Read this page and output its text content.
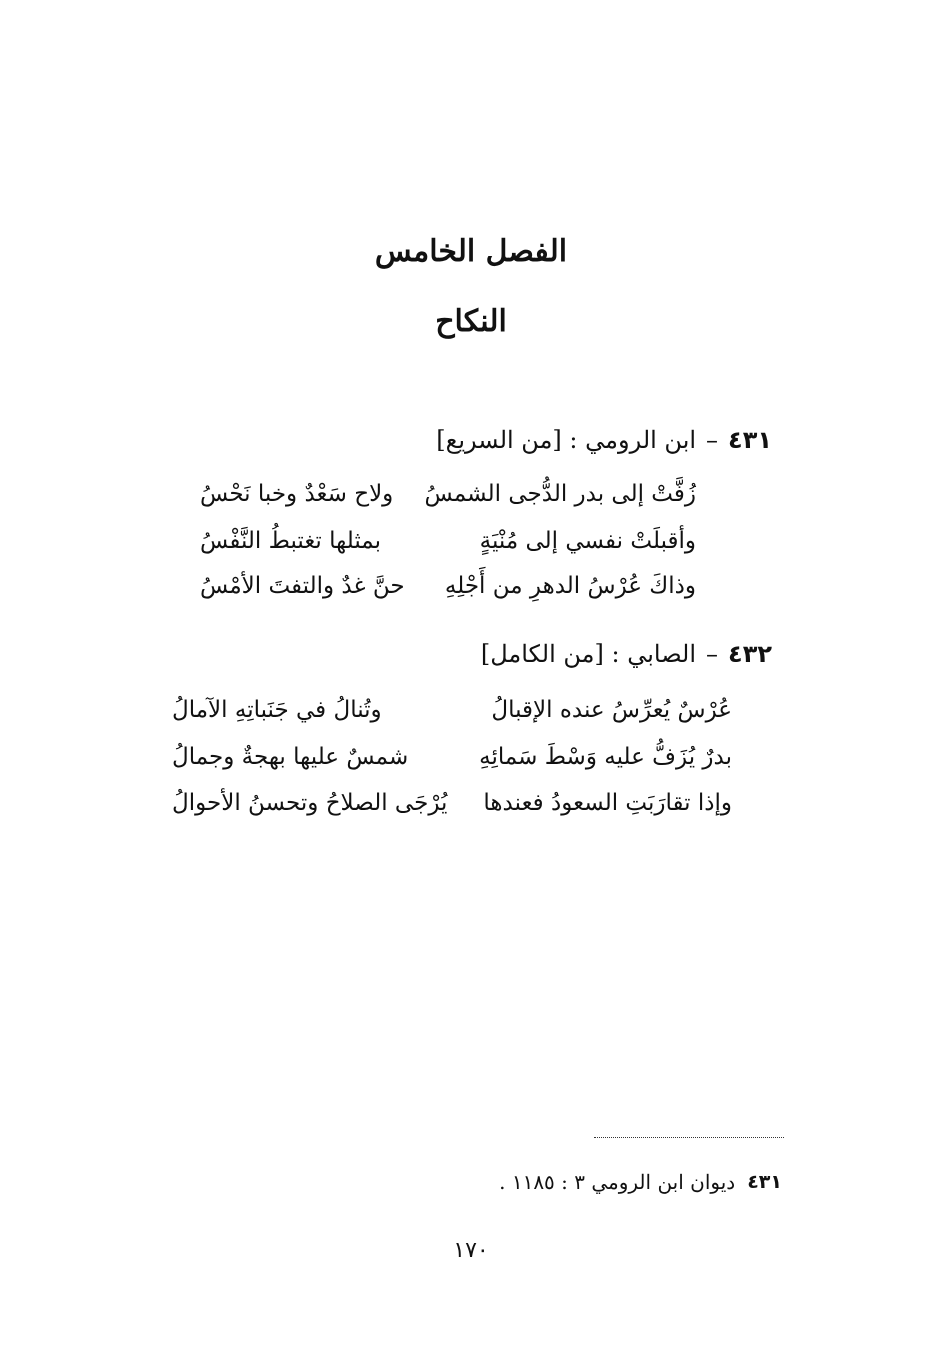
الفصل الخامس
النكاح
٤٣١
–
ابن الرومي : [من السريع]
زُفَّتْ إلى بدر الدُّجى الشمسُ
ولاح سَعْدٌ وخبا نَحْسُ
وأقبلَتْ نفسي إلى مُنْيَةٍ
بمثلها تغتبطُ النَّفْسُ
وذاكَ عُرْسُ الدهرِ من أَجْلِهِ
حنَّ غدٌ والتفتَ الأمْسُ
٤٣٢
–
الصابي : [من الكامل]
عُرْسٌ يُعرِّسُ عنده الإقبالُ
وتُنالُ في جَنَباتِهِ الآمالُ
بدرٌ يُزَفُّ عليه وَسْطَ سَمائِهِ
شمسٌ عليها بهجةٌ وجمالُ
وإذا تقارَبَتِ السعودُ فعندها
يُرْجَى الصلاحُ وتحسنُ الأحوالُ
٤٣١
ديوان ابن الرومي ٣ : ١١٨٥ .
١٧٠
